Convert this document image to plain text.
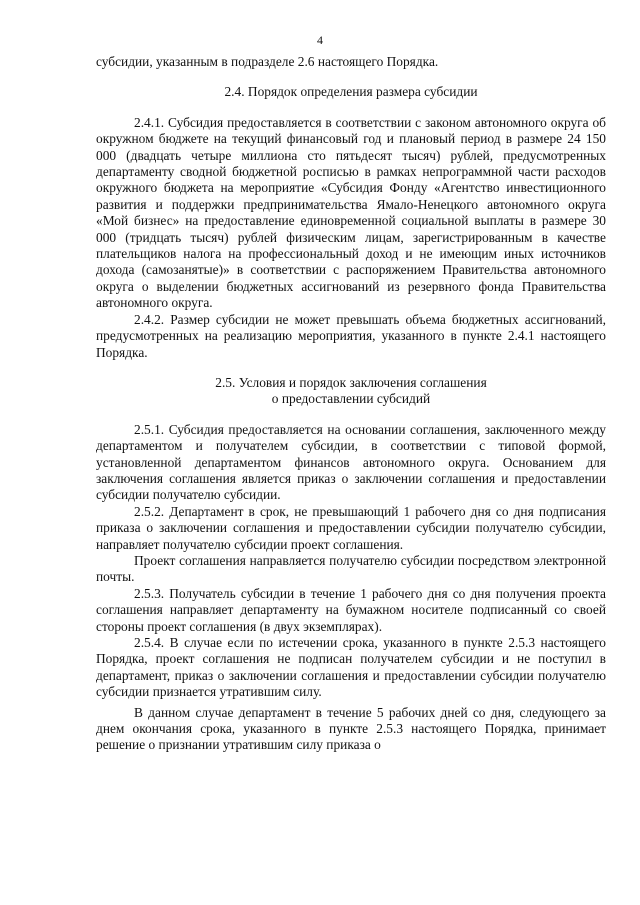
4

субсидии, указанным в подразделе 2.6 настоящего Порядка.

2.4. Порядок определения размера субсидии

2.4.1. Субсидия предоставляется в соответствии с законом автономного округа об окружном бюджете на текущий финансовый год и плановый период в размере 24 150 000 (двадцать четыре миллиона сто пятьдесят тысяч) рублей, предусмотренных департаменту сводной бюджетной росписью в рамках непрограммной части расходов окружного бюджета на мероприятие «Субсидия Фонду «Агентство инвестиционного развития и поддержки предпринимательства Ямало-Ненецкого автономного округа «Мой бизнес» на предоставление единовременной социальной выплаты в размере 30 000 (тридцать тысяч) рублей физическим лицам, зарегистрированным в качестве плательщиков налога на профессиональный доход и не имеющим иных источников дохода (самозанятые)» в соответствии с распоряжением Правительства автономного округа о выделении бюджетных ассигнований из резервного фонда Правительства автономного округа.

2.4.2. Размер субсидии не может превышать объема бюджетных ассигнований, предусмотренных на реализацию мероприятия, указанного в пункте 2.4.1 настоящего Порядка.

2.5. Условия и порядок заключения соглашения
о предоставлении субсидий

2.5.1. Субсидия предоставляется на основании соглашения, заключенного между департаментом и получателем субсидии, в соответствии с типовой формой, установленной департаментом финансов автономного округа. Основанием для заключения соглашения является приказ о заключении соглашения и предоставлении субсидии получателю субсидии.

2.5.2. Департамент в срок, не превышающий 1 рабочего дня со дня подписания приказа о заключении соглашения и предоставлении субсидии получателю субсидии, направляет получателю субсидии проект соглашения.

Проект соглашения направляется получателю субсидии посредством электронной почты.

2.5.3. Получатель субсидии в течение 1 рабочего дня со дня получения проекта соглашения направляет департаменту на бумажном носителе подписанный со своей стороны проект соглашения (в двух экземплярах).

2.5.4. В случае если по истечении срока, указанного в пункте 2.5.3 настоящего Порядка, проект соглашения не подписан получателем субсидии и не поступил в департамент, приказ о заключении соглашения и предоставлении субсидии получателю субсидии признается утратившим силу.

В данном случае департамент в течение 5 рабочих дней со дня, следующего за днем окончания срока, указанного в пункте 2.5.3 настоящего Порядка, принимает решение о признании утратившим силу приказа о
